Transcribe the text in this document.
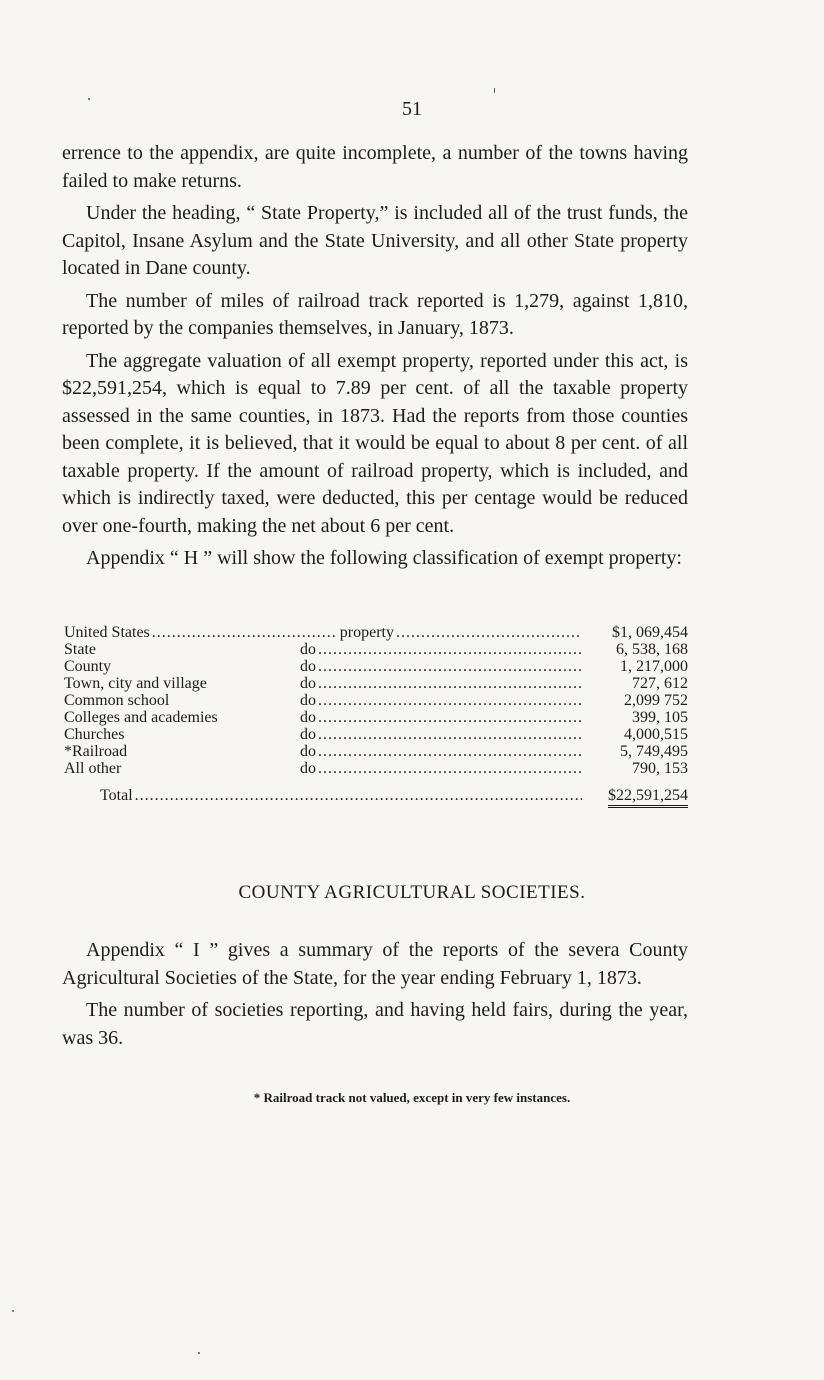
51

errence to the appendix, are quite incomplete, a number of the towns having failed to make returns.

Under the heading, “ State Property,” is included all of the trust funds, the Capitol, Insane Asylum and the State University, and all other State property located in Dane county.

The number of miles of railroad track reported is 1,279, against 1,810, reported by the companies themselves, in January, 1873.

The aggregate valuation of all exempt property, reported under this act, is $22,591,254, which is equal to 7.89 per cent. of all the taxable property assessed in the same counties, in 1873. Had the reports from those counties been complete, it is believed, that it would be equal to about 8 per cent. of all taxable property. If the amount of railroad property, which is included, and which is indirectly taxed, were deducted, this per centage would be reduced over one-fourth, making the net about 6 per cent.

Appendix “ H ” will show the following classification of exempt property:

United States .....	property .....	$1, 069,454
State	do .....	6, 538, 168
County	do .....	1, 217,000
Town, city and village	do .....	727, 612
Common school	do .....	2,099 752
Colleges and academies	do .....	399, 105
Churches	do .....	4,000,515
*Railroad	do .....	5, 749,495
All other	do .....	790, 153
Total .....	$22,591,254
COUNTY AGRICULTURAL SOCIETIES.

Appendix “ I ” gives a summary of the reports of the severa County Agricultural Societies of the State, for the year ending February 1, 1873.

The number of societies reporting, and having held fairs, during the year, was 36.

* Railroad track not valued, except in very few instances.
